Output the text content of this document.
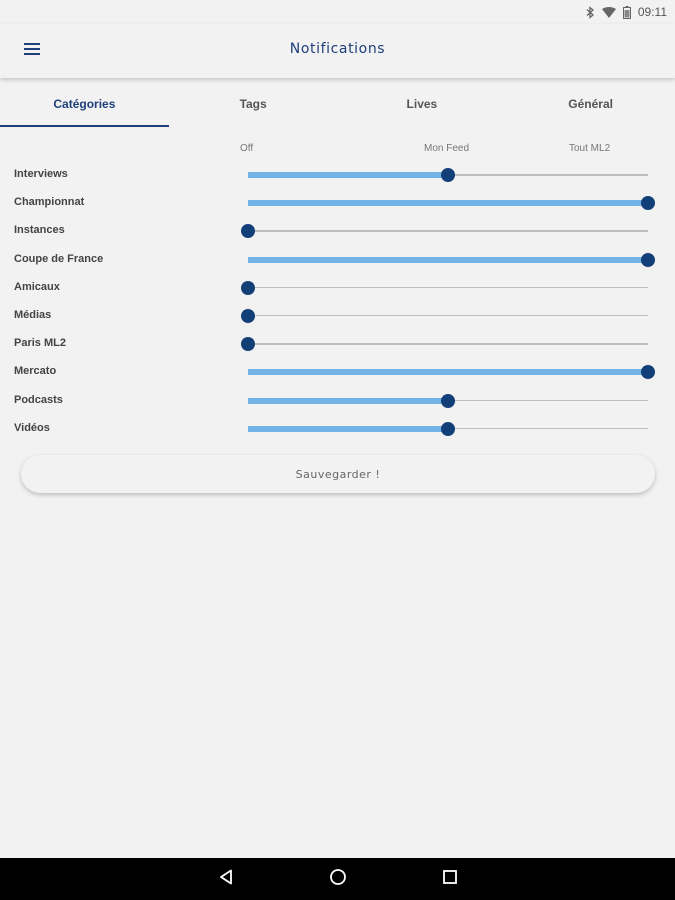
09:11
Notifications
Catégories	Tags	Lives	Général
Off	Mon Feed	Tout ML2
Interviews
Championnat
Instances
Coupe de France
Amicaux
Médias
Paris ML2
Mercato
Podcasts
Vidéos
Sauvegarder !
